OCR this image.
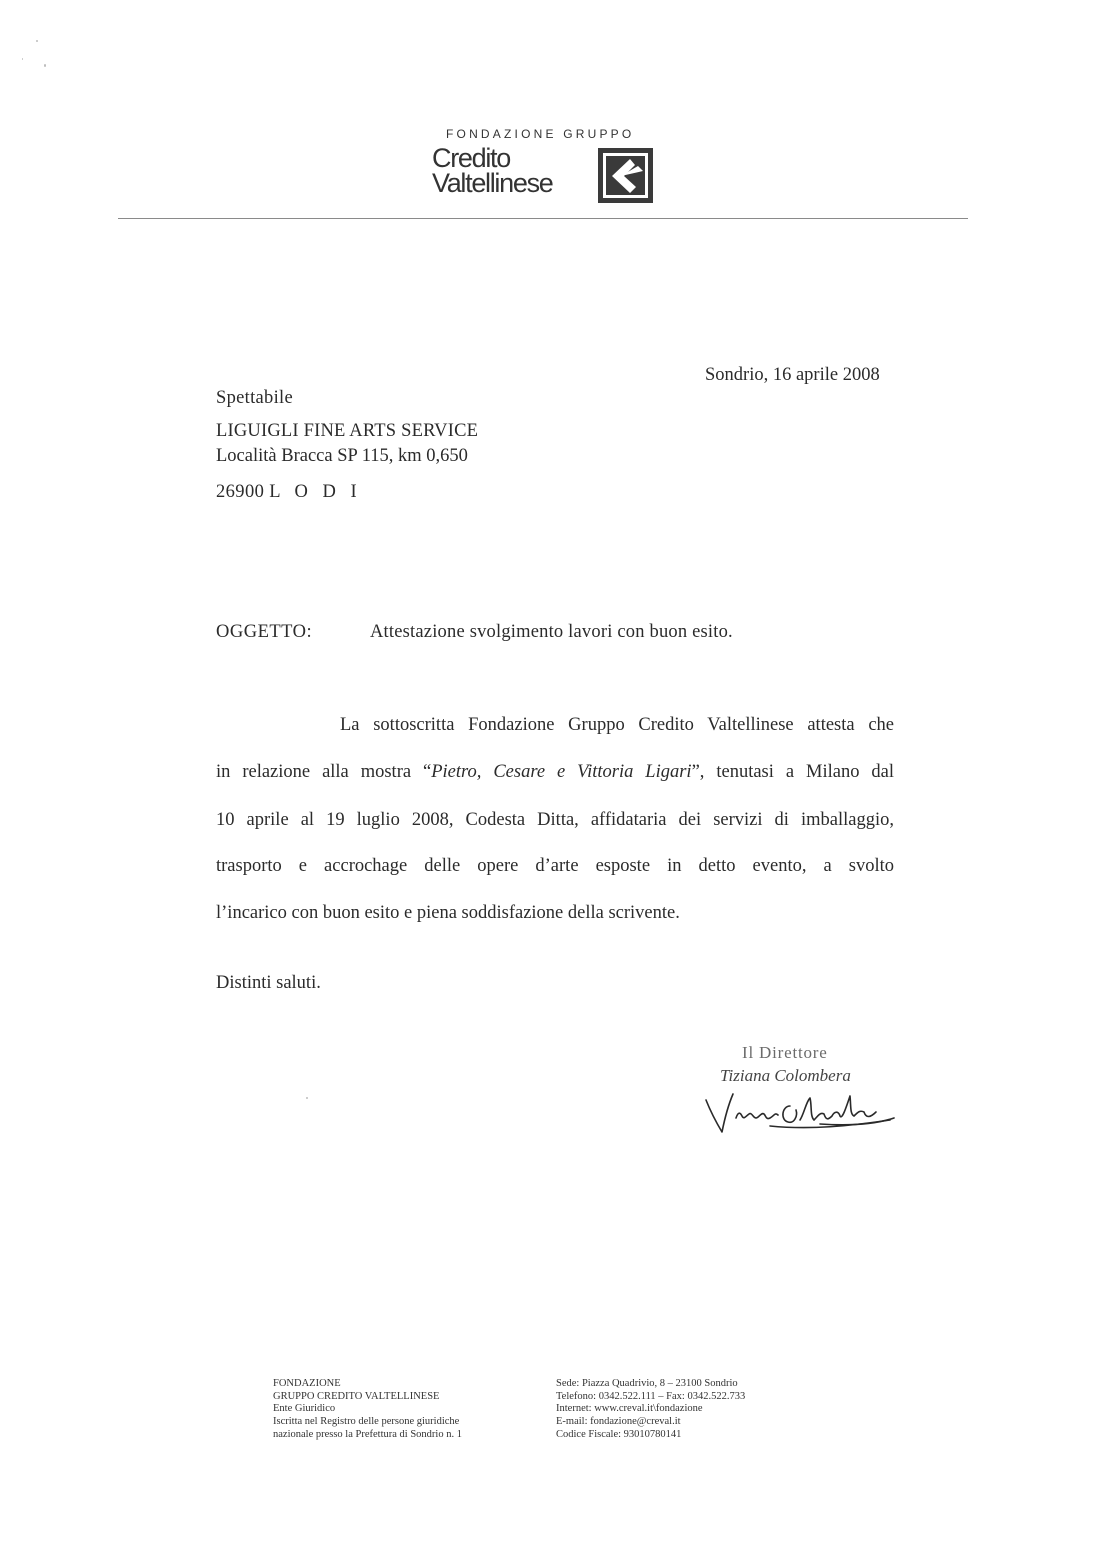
FONDAZIONE GRUPPO
Credito
Valtellinese
Sondrio, 16 aprile 2008
Spettabile
LIGUIGLI FINE ARTS SERVICE
Località Bracca SP 115, km 0,650
26900 L O D I
OGGETTO:	Attestazione svolgimento lavori con buon esito.
La sottoscritta Fondazione Gruppo Credito Valtellinese attesta che
in relazione alla mostra “Pietro, Cesare e Vittoria Ligari”, tenutasi a Milano dal
10 aprile al 19 luglio 2008, Codesta Ditta, affidataria dei servizi di imballaggio,
trasporto e accrochage delle opere d’arte esposte in detto evento, a svolto
l’incarico con buon esito e piena soddisfazione della scrivente.
Distinti saluti.
Il Direttore
Tiziana Colombera
FONDAZIONE
GRUPPO CREDITO VALTELLINESE
Ente Giuridico
Iscritta nel Registro delle persone giuridiche
nazionale presso la Prefettura di Sondrio n. 1
Sede: Piazza Quadrivio, 8 – 23100 Sondrio
Telefono: 0342.522.111 – Fax: 0342.522.733
Internet: www.creval.it\fondazione
E-mail: fondazione@creval.it
Codice Fiscale: 93010780141
